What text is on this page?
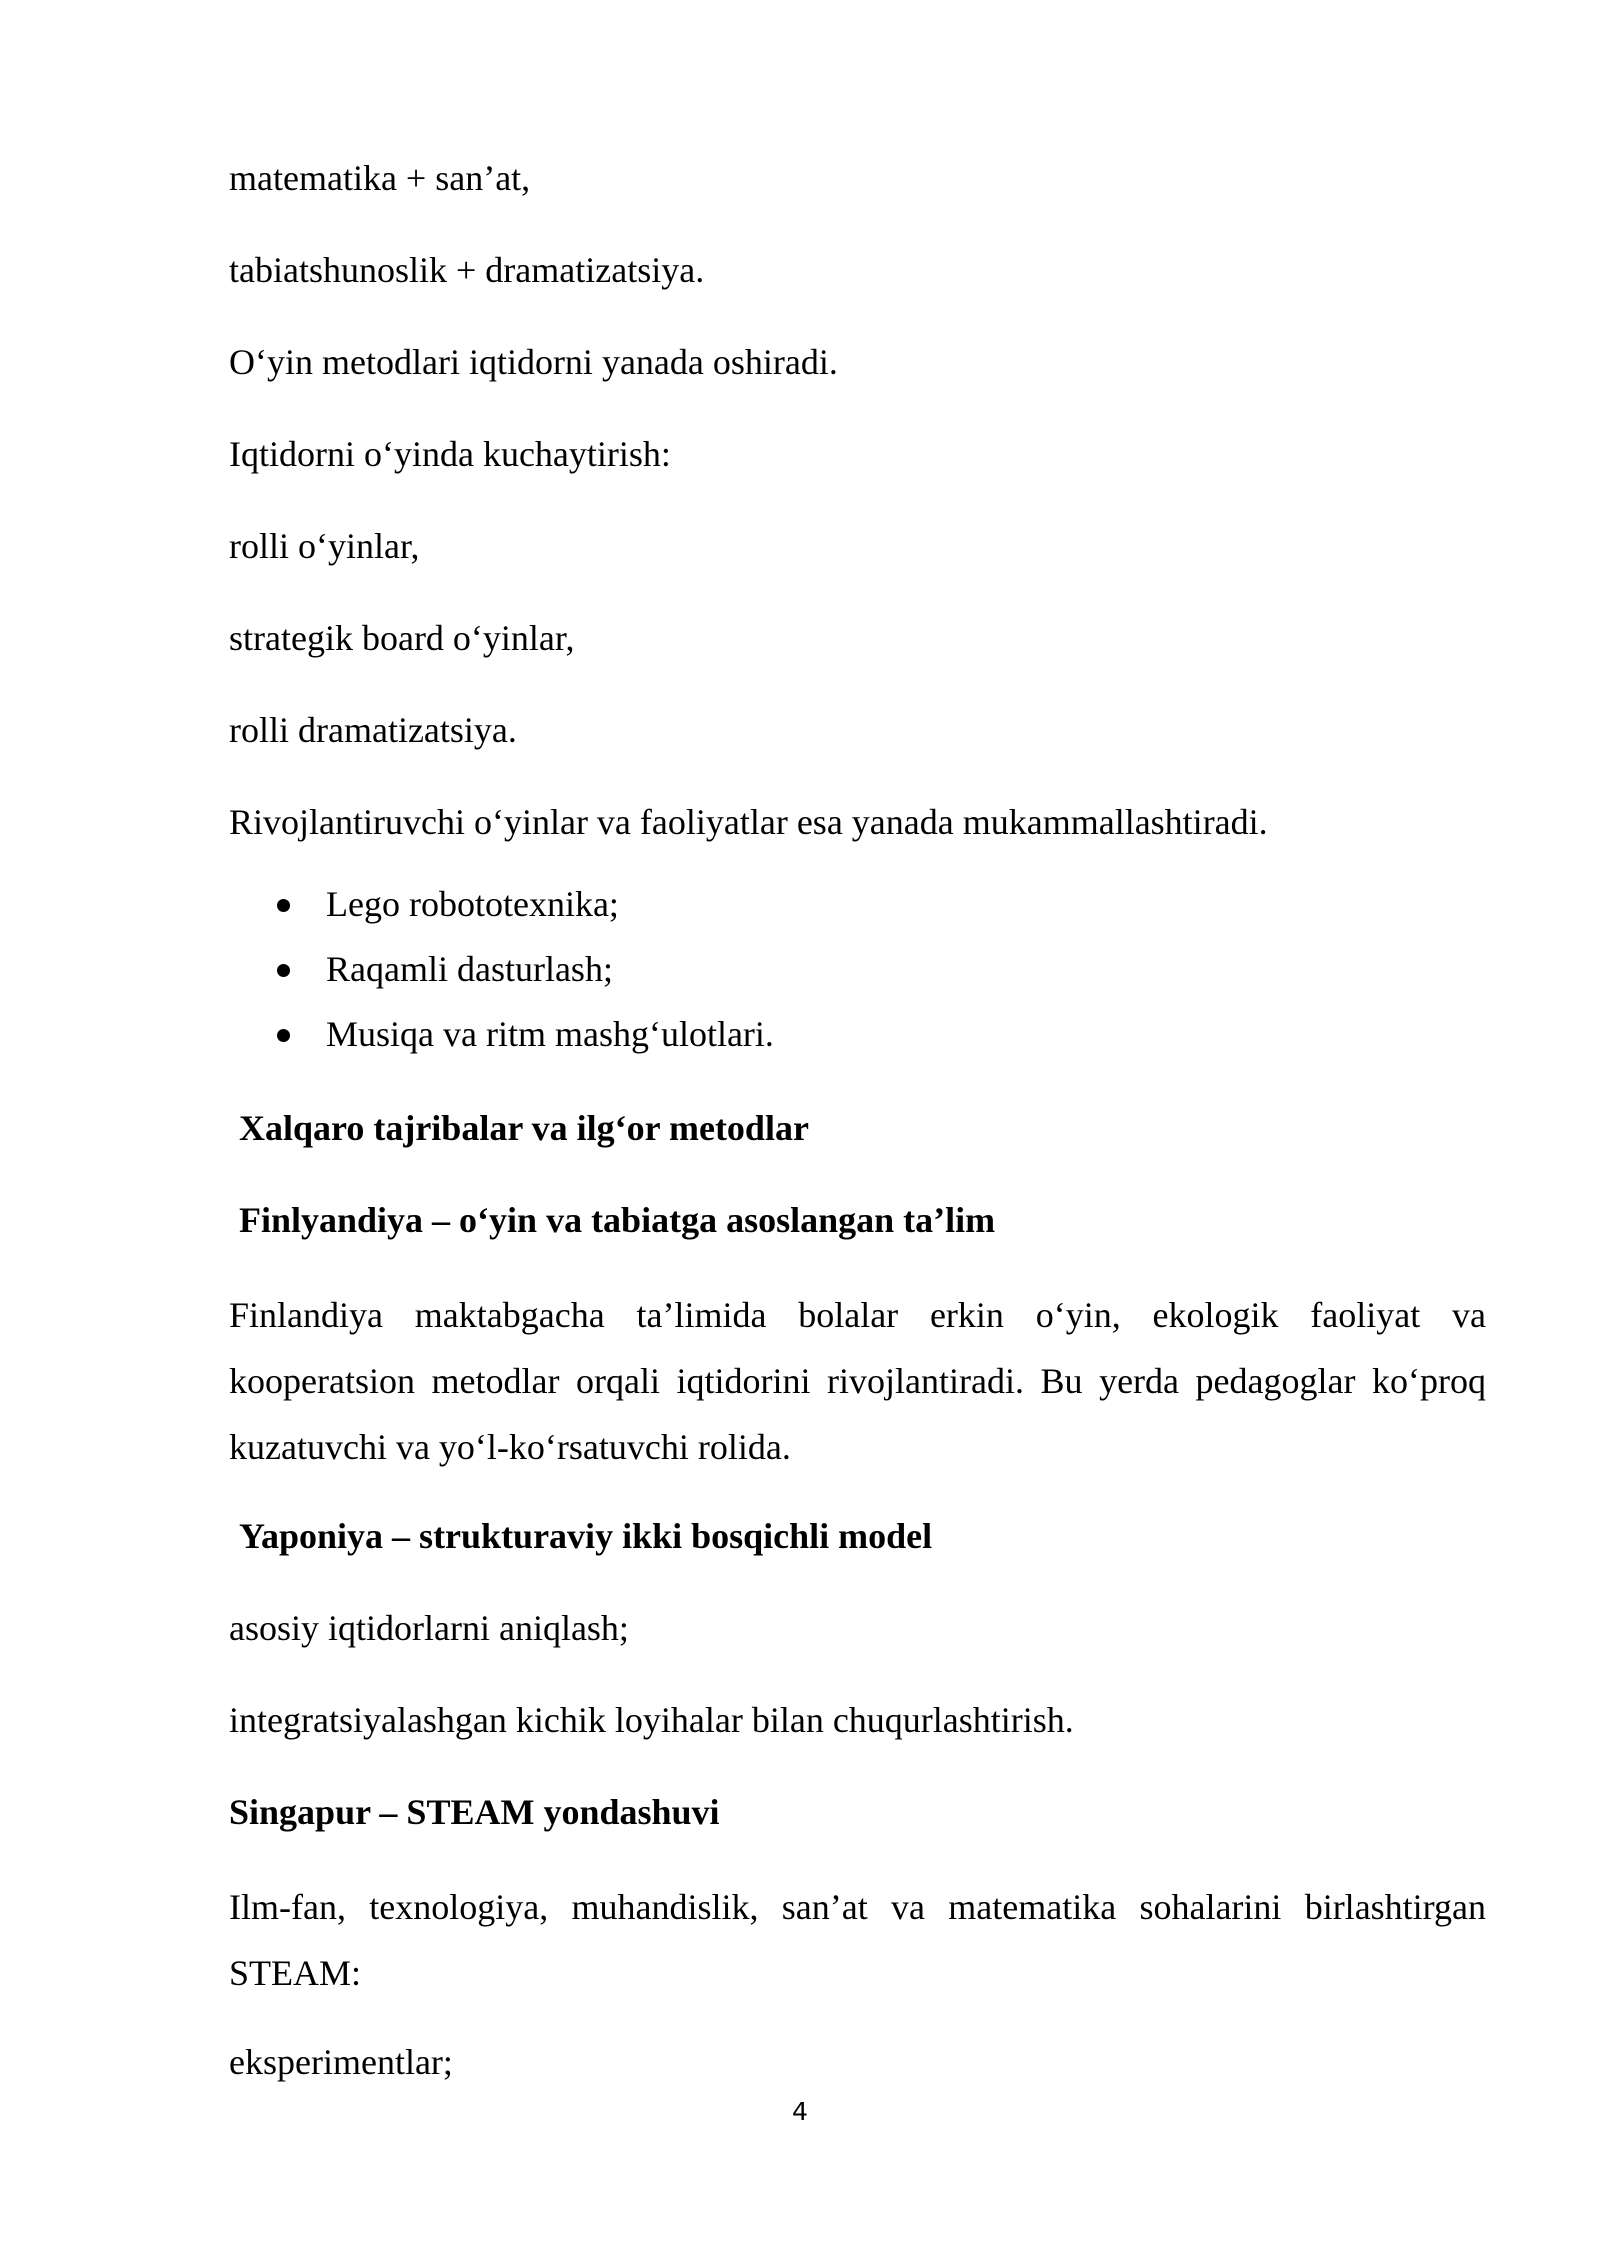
matematika + san’at,

tabiatshunoslik + dramatizatsiya.

O‘yin metodlari iqtidorni yanada oshiradi.

Iqtidorni o‘yinda kuchaytirish:

rolli o‘yinlar,

strategik board o‘yinlar,

rolli dramatizatsiya.

Rivojlantiruvchi o‘yinlar va faoliyatlar esa yanada mukammallashtiradi.

Lego robototexnika;
Raqamli dasturlash;
Musiqa va ritm mashg‘ulotlari.

Xalqaro tajribalar va ilg‘or metodlar

Finlyandiya – o‘yin va tabiatga asoslangan ta’lim

Finlandiya maktabgacha ta’limida bolalar erkin o‘yin, ekologik faoliyat va kooperatsion metodlar orqali iqtidorini rivojlantiradi. Bu yerda pedagoglar ko‘proq kuzatuvchi va yo‘l-ko‘rsatuvchi rolida.

Yaponiya – strukturaviy ikki bosqichli model

asosiy iqtidorlarni aniqlash;

integratsiyalashgan kichik loyihalar bilan chuqurlashtirish.

Singapur – STEAM yondashuvi

Ilm-fan, texnologiya, muhandislik, san’at va matematika sohalarini birlashtirgan STEAM:

eksperimentlar;

4
